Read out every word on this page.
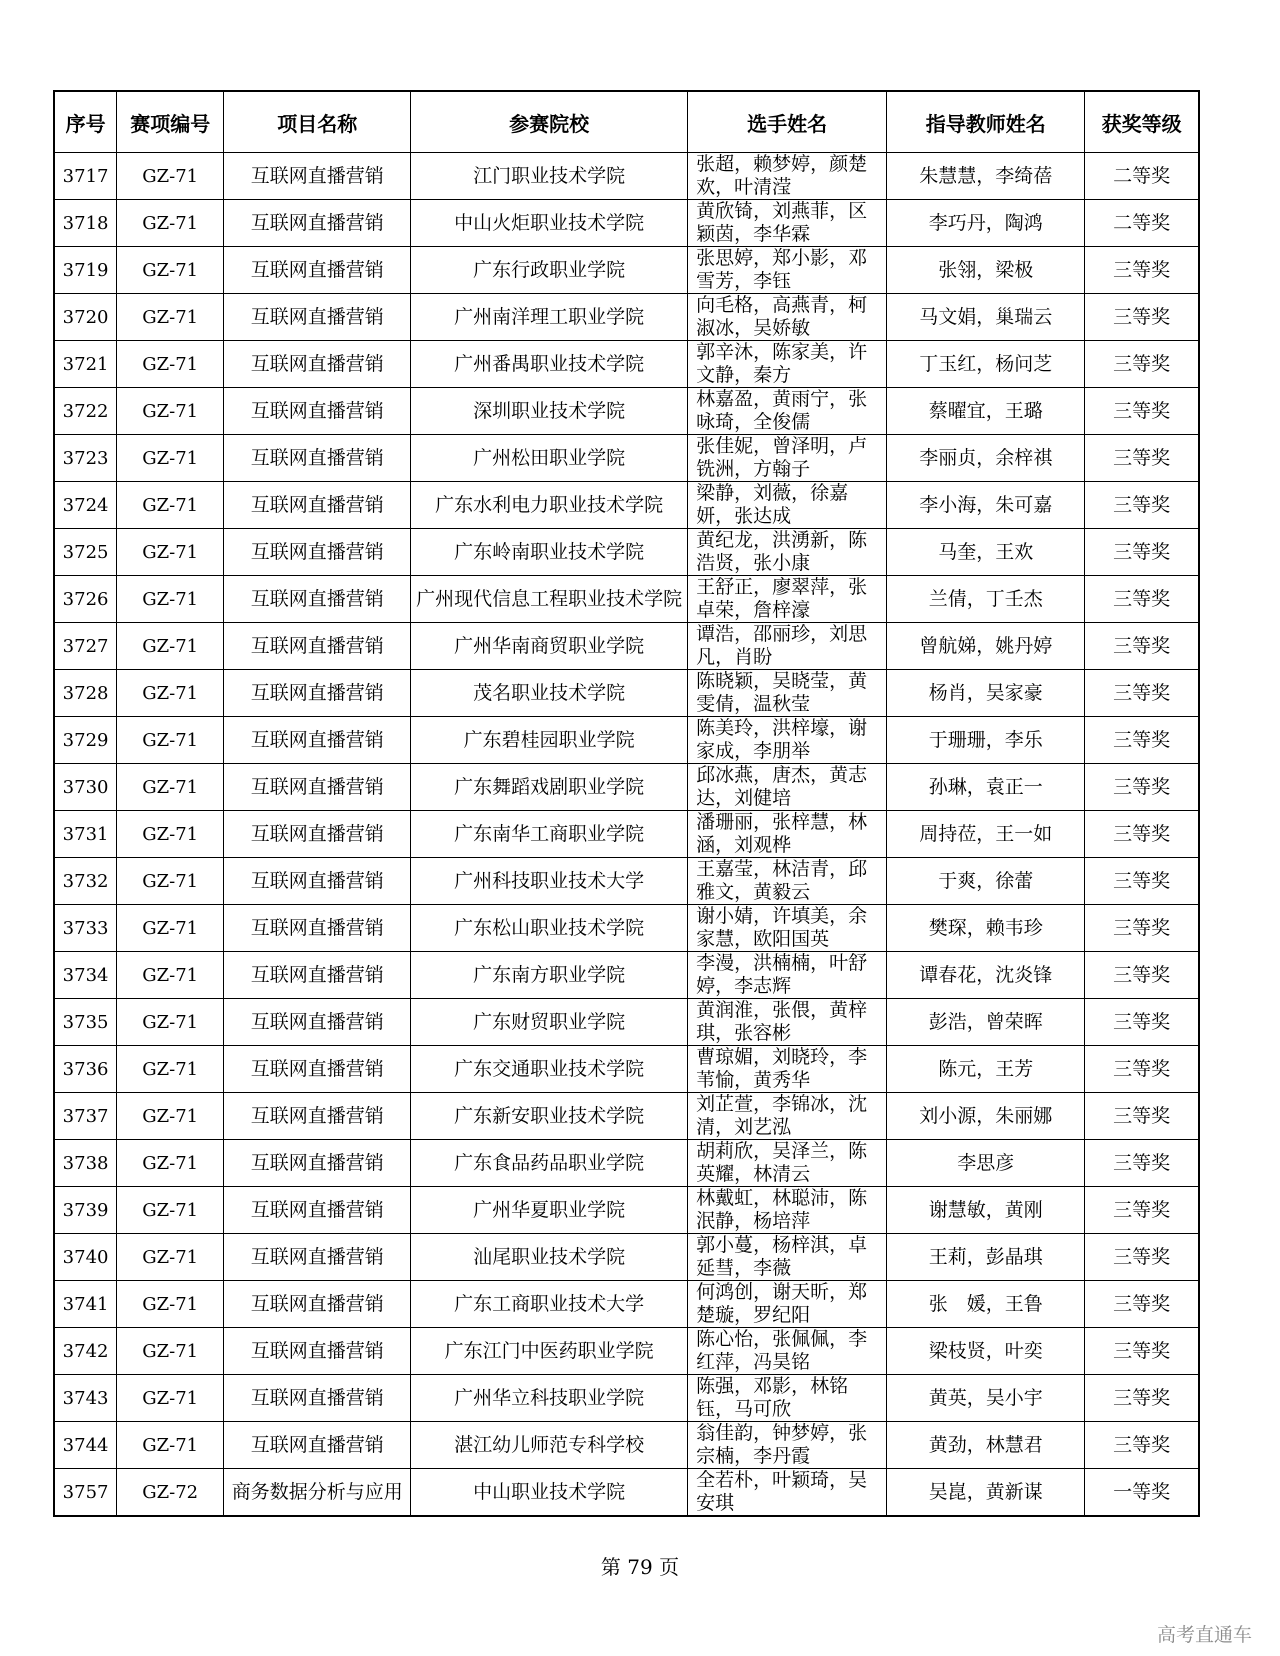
序号	赛项编号	项目名称	参赛院校	选手姓名	指导教师姓名	获奖等级

3717	GZ-71	互联网直播营销	江门职业技术学院	张超，赖梦婷，颜楚欢，叶清滢	朱慧慧，李绮蓓	二等奖

3718	GZ-71	互联网直播营销	中山火炬职业技术学院	黄欣锜，刘燕菲，区颖茵，李华霖	李巧丹，陶鸿	二等奖

3719	GZ-71	互联网直播营销	广东行政职业学院	张思婷，郑小影，邓雪芳，李钰	张翎，梁极	三等奖

3720	GZ-71	互联网直播营销	广州南洋理工职业学院	向毛格，高燕青，柯淑冰，吴娇敏	马文娟，巢瑞云	三等奖

3721	GZ-71	互联网直播营销	广州番禺职业技术学院	郭辛沐，陈家美，许文静，秦方	丁玉红，杨问芝	三等奖

3722	GZ-71	互联网直播营销	深圳职业技术学院	林嘉盈，黄雨宁，张咏琦，全俊儒	蔡曜宜，王璐	三等奖

3723	GZ-71	互联网直播营销	广州松田职业学院	张佳妮，曾泽明，卢铣洲，方翰子	李丽贞，余梓祺	三等奖

3724	GZ-71	互联网直播营销	广东水利电力职业技术学院	梁静，刘薇，徐嘉妍，张达成	李小海，朱可嘉	三等奖

3725	GZ-71	互联网直播营销	广东岭南职业技术学院	黄纪龙，洪湧新，陈浩贤，张小康	马奎，王欢	三等奖

3726	GZ-71	互联网直播营销	广州现代信息工程职业技术学院	王舒正，廖翠萍，张卓荣，詹梓濠	兰倩，丁壬杰	三等奖

3727	GZ-71	互联网直播营销	广州华南商贸职业学院	谭浩，邵丽珍，刘思凡，肖盼	曾航娣，姚丹婷	三等奖

3728	GZ-71	互联网直播营销	茂名职业技术学院	陈晓颖，吴晓莹，黄雯倩，温秋莹	杨肖，吴家豪	三等奖

3729	GZ-71	互联网直播营销	广东碧桂园职业学院	陈美玲，洪梓壕，谢家成，李朋举	于珊珊，李乐	三等奖

3730	GZ-71	互联网直播营销	广东舞蹈戏剧职业学院	邱冰燕，唐杰，黄志达，刘健培	孙琳，袁正一	三等奖

3731	GZ-71	互联网直播营销	广东南华工商职业学院	潘珊丽，张梓慧，林涵，刘观桦	周持莅，王一如	三等奖

3732	GZ-71	互联网直播营销	广州科技职业技术大学	王嘉莹，林洁青，邱雅文，黄毅云	于爽，徐蕾	三等奖

3733	GZ-71	互联网直播营销	广东松山职业技术学院	谢小婧，许填美，余家慧，欧阳国英	樊琛，赖韦珍	三等奖

3734	GZ-71	互联网直播营销	广东南方职业学院	李漫，洪楠楠，叶舒婷，李志辉	谭春花，沈炎锋	三等奖

3735	GZ-71	互联网直播营销	广东财贸职业学院	黄润淮，张偎，黄梓琪，张容彬	彭浩，曾荣晖	三等奖

3736	GZ-71	互联网直播营销	广东交通职业技术学院	曹琼媚，刘晓玲，李苇愉，黄秀华	陈元，王芳	三等奖

3737	GZ-71	互联网直播营销	广东新安职业技术学院	刘芷萱，李锦冰，沈清，刘艺泓	刘小源，朱丽娜	三等奖

3738	GZ-71	互联网直播营销	广东食品药品职业学院	胡莉欣，吴泽兰，陈英耀，林清云	李思彦	三等奖

3739	GZ-71	互联网直播营销	广州华夏职业学院	林戴虹，林聪沛，陈泯静，杨培萍	谢慧敏，黄刚	三等奖

3740	GZ-71	互联网直播营销	汕尾职业技术学院	郭小蔓，杨梓淇，卓延彗，李薇	王莉，彭晶琪	三等奖

3741	GZ-71	互联网直播营销	广东工商职业技术大学	何鸿创，谢天昕，郑楚璇，罗纪阳	张　媛，王鲁	三等奖

3742	GZ-71	互联网直播营销	广东江门中医药职业学院	陈心怡，张佩佩，李红萍，冯昊铭	梁枝贤，叶奕	三等奖

3743	GZ-71	互联网直播营销	广州华立科技职业学院	陈强，邓影，林铭钰，马可欣	黄英，吴小宇	三等奖

3744	GZ-71	互联网直播营销	湛江幼儿师范专科学校	翁佳韵，钟梦婷，张宗楠，李丹霞	黄劲，林慧君	三等奖

3757	GZ-72	商务数据分析与应用	中山职业技术学院	全若朴，叶颖琦，吴安琪	吴崑，黄新谋	一等奖
第 79 页
高考直通车
